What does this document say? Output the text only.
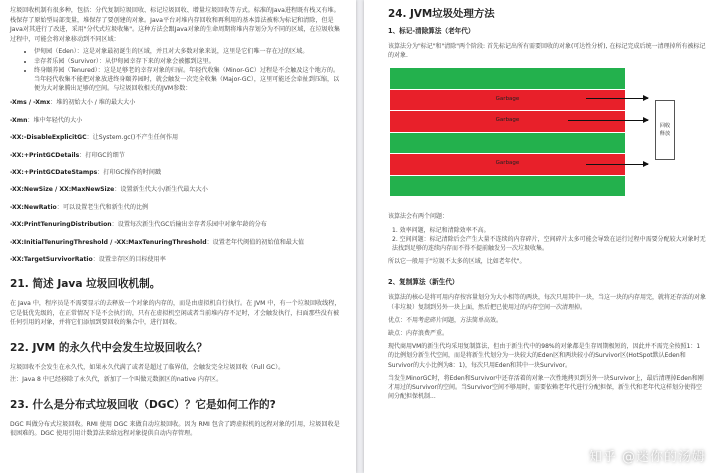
垃圾回收机制有很多种，包括：分代复制垃圾回收、标记垃圾回收、增量垃圾回收等方式。标准的Java进程既有栈又有堆。栈保存了原始型局部变量，堆保存了要创建的对象。Java平台对堆内存回收和再利用的基本算法被称为标记和清除，但是Java对其进行了改进，采用"分代式垃圾收集"。这种方法会跟Java对象的生命周期将堆内存划分为不同的区域，在垃圾收集过程中，可能会将对象移动到不同区域：

• 伊甸园（Eden）：这是对象最初诞生的区域，并且对大多数对象来说，这里是它们唯一存在过的区域。
• 幸存者乐园（Survivor）：从伊甸园幸存下来的对象会被挪到这里。
• 终身颐养园（Tenured）：这是足够老的幸存对象的归宿。年轻代收集（Minor-GC）过程是不会触及这个地方的。当年轻代收集不能把对象放进终身颐养园时，就会触发一次完全收集（Major-GC），这里可能还会牵扯到压缩，以便为大对象腾出足够的空间。与垃圾回收相关的JVM参数：

-Xms / -Xmx：堆的初始大小 / 堆的最大大小

-Xmn：堆中年轻代的大小

-XX:-DisableExplicitGC：让System.gc()不产生任何作用

-XX:+PrintGCDetails：打印GC的细节

-XX:+PrintGCDateStamps：打印GC操作的时间戳

-XX:NewSize / XX:MaxNewSize：设置新生代大小/新生代最大大小

-XX:NewRatio：可以设置老生代和新生代的比例

-XX:PrintTenuringDistribution：设置每次新生代GC后输出幸存者乐园中对象年龄的分布

-XX:InitialTenuringThreshold / -XX:MaxTenuringThreshold：设置老年代阀值的初始值和最大值

-XX:TargetSurvivorRatio：设置幸存区的目标使用率

21. 简述 Java 垃圾回收机制。

在 Java 中，程序员是不需要显示的去释放一个对象的内存的，而是由虚拟机自行执行。在 JVM 中，有一个垃圾回收线程，它是低优先级的，在正常情况下是不会执行的，只有在虚拟机空闲或者当前堆内存不足时，才会触发执行，扫面那些没有被任何引用的对象，并将它们添加到要回收的集合中，进行回收。

22. JVM 的永久代中会发生垃圾回收么？

垃圾回收不会发生在永久代，如果永久代满了或者是超过了临界值，会触发完全垃圾回收（Full GC）。

注：Java 8 中已经移除了永久代，新加了一个叫做元数据区的native 内存区。

23. 什么是分布式垃圾回收（DGC）？它是如何工作的?

DGC 叫做分布式垃圾回收。RMI 使用 DGC 来做自动垃圾回收。因为 RMI 包含了跨虚拟机的远程对象的引用，垃圾回收是很困难的。DGC 使用引用计数算法来给远程对象提供自动内存管理。

24. JVM垃圾处理方法
1、标记-清除算法（老年代）

该算法分为"标记"和"清除"两个阶段: 首先标记出所有需要回收的对象(可达性分析), 在标记完成后统一清理掉所有被标记的对象.

Garbage
Garbage
Garbage
回收
释放

该算法会有两个问题：

1. 效率问题，标记和清除效率不高。

2. 空间问题：标记清除后会产生大量不连续的内存碎片，空间碎片太多可能会导致在运行过程中需要分配较大对象时无法找到足够的连续内存而不得不提前触发另一次垃圾收集。

所以它一般用于"垃圾不太多的区域，比如老年代"。

2、复制算法（新生代）

该算法的核心是将可用内存按容量划分为大小相等的两块，每次只用其中一块，当这一块的内存用完，就将还存活的对象（非垃圾）复制到另外一块上面，然后把已使用过的内存空间一次清理掉。

优点：不用考虑碎片问题，方法简单高效。

缺点：内存浪费严重。

现代商用VM的新生代均采用复制算法，但由于新生代中的98%的对象都是生存周期极短的，因此并不需完全按照1：1的比例划分新生代空间，而是将新生代划分为一块较大的Eden区和两块较小的Survivor区(HotSpot默认Eden和Survivor的大小比例为8：1)，每次只用Eden和其中一块Survivor。

当发生MinorGC时，将Eden和Survivor中还存活着的对象一次性地拷贝到另外一块Survivor上，最后清理掉Eden和刚才用过的Survivor的空间。当Survivor空间不够用时，需要依赖老年代进行分配担保，新生代和老年代这样划分使得空间分配担保机制...

知乎 @迷你的汤姆
